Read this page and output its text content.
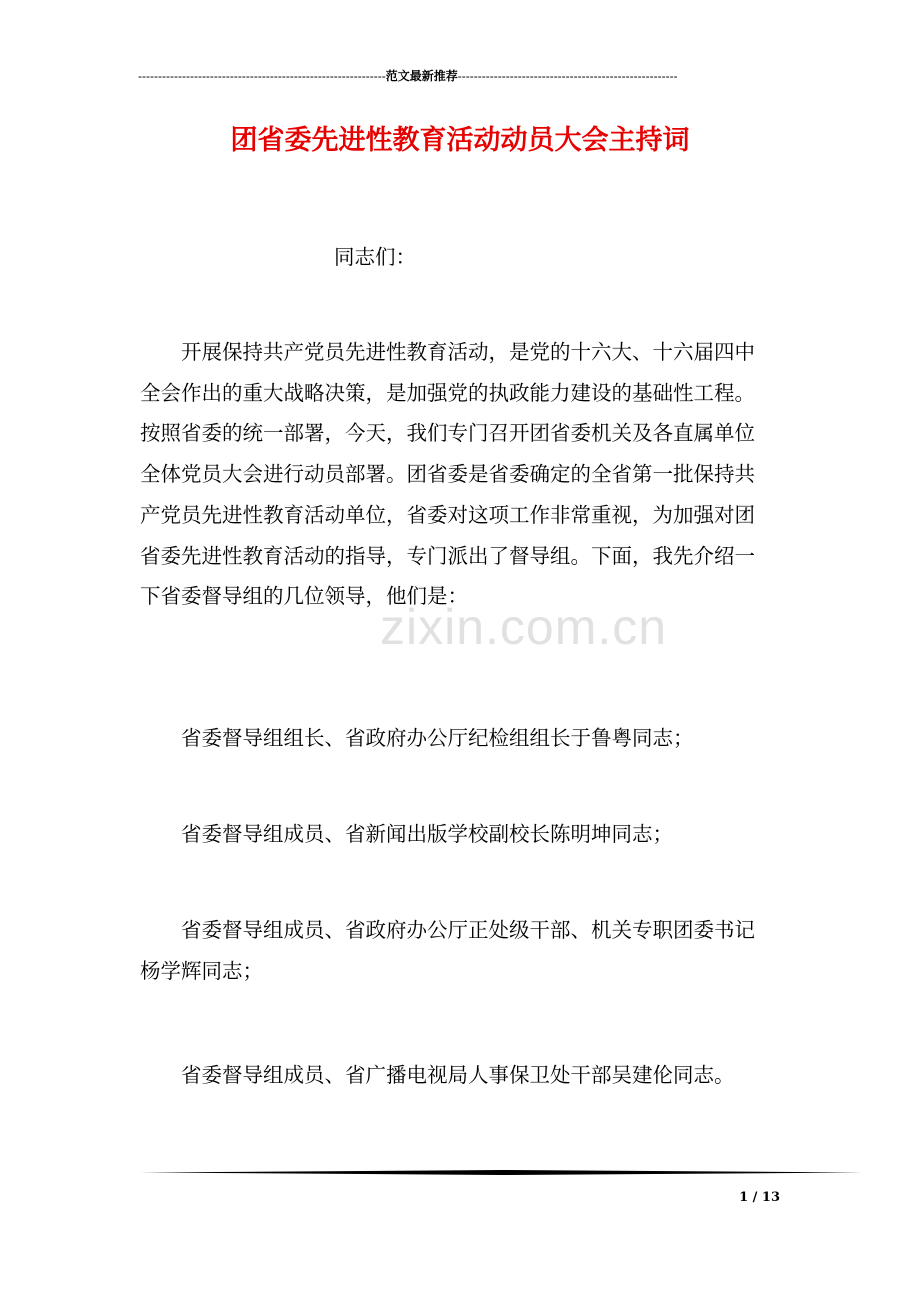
--------------------------------------------------------------范文最新推荐-------------------------------------------------------
团省委先进性教育活动动员大会主持词
同志们：
开展保持共产党员先进性教育活动，是党的十六大、十六届四中
全会作出的重大战略决策，是加强党的执政能力建设的基础性工程。
按照省委的统一部署，今天，我们专门召开团省委机关及各直属单位
全体党员大会进行动员部署。团省委是省委确定的全省第一批保持共
产党员先进性教育活动单位，省委对这项工作非常重视，为加强对团
省委先进性教育活动的指导，专门派出了督导组。下面，我先介绍一
下省委督导组的几位领导，他们是：
zixin.com.cn
省委督导组组长、省政府办公厅纪检组组长于鲁粤同志；
省委督导组成员、省新闻出版学校副校长陈明坤同志；
省委督导组成员、省政府办公厅正处级干部、机关专职团委书记
杨学辉同志；
省委督导组成员、省广播电视局人事保卫处干部吴建伦同志。
1 / 13
